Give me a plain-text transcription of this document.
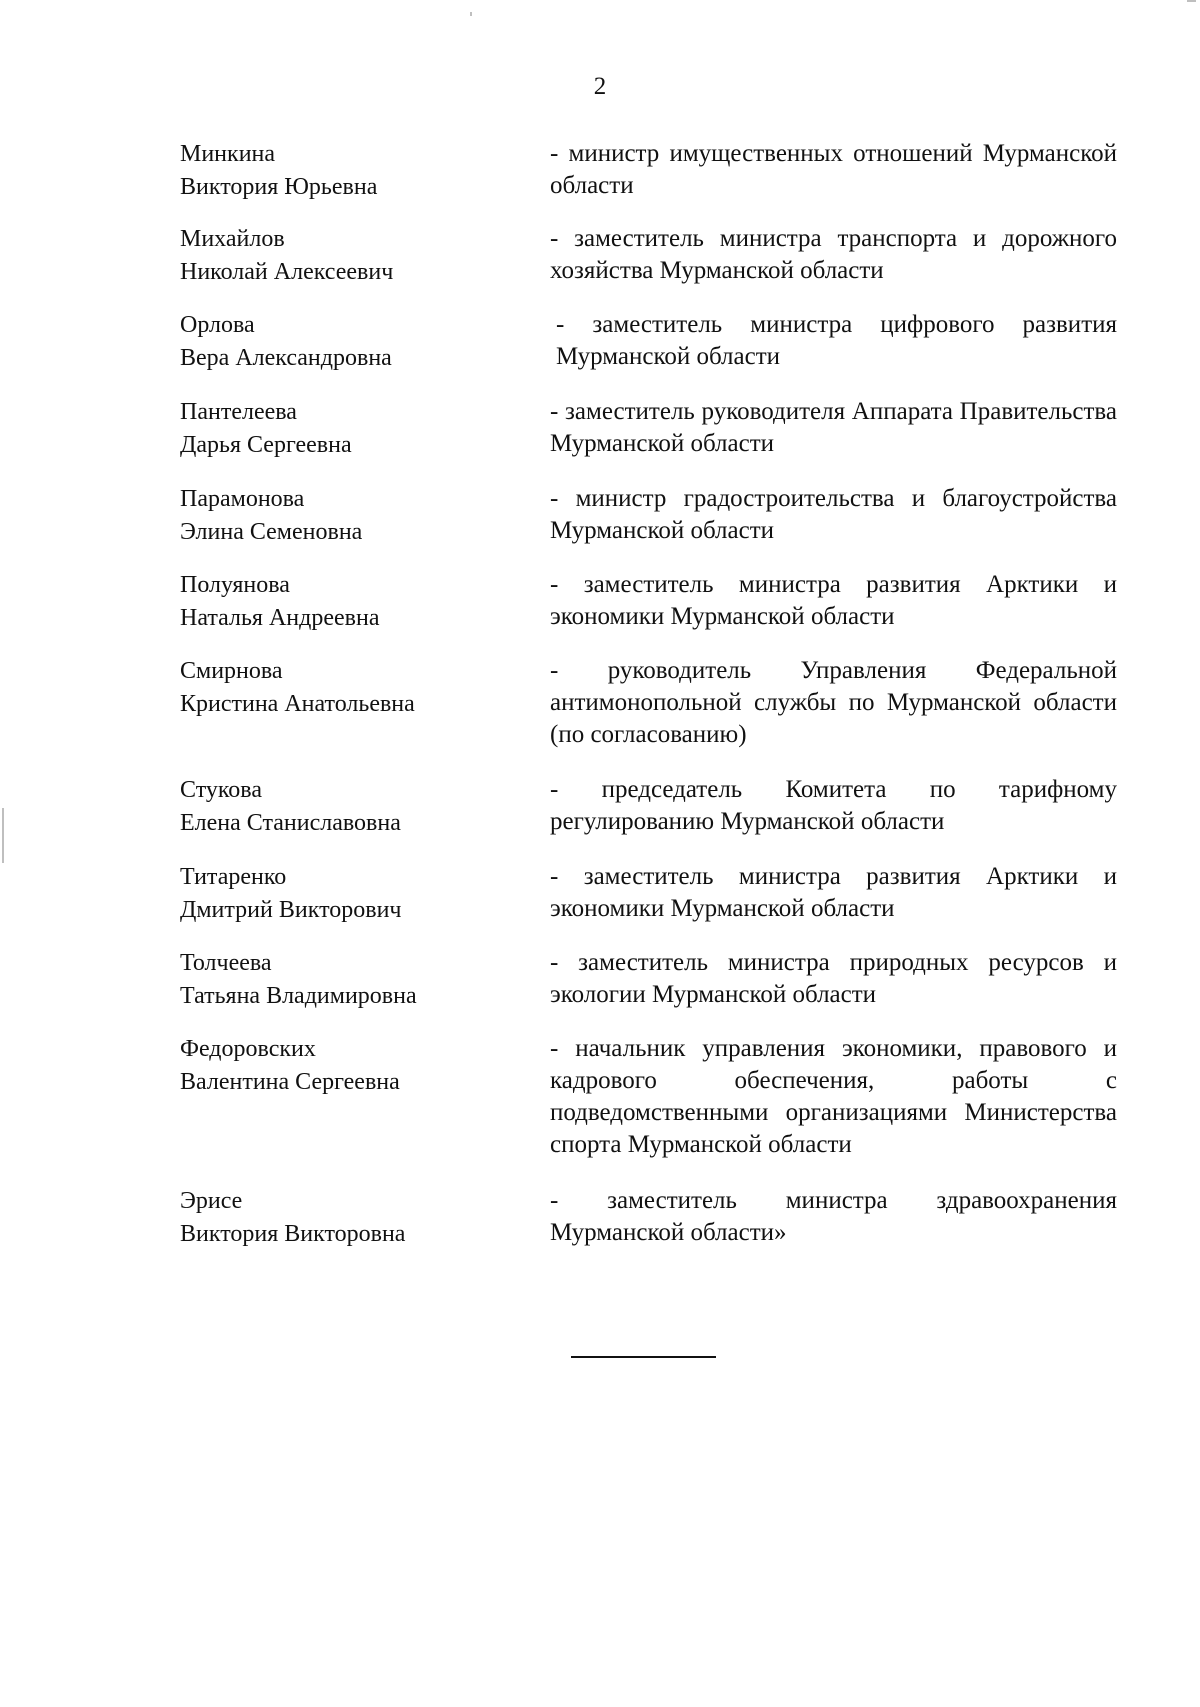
2
Минкина
Виктория Юрьевна
- министр имущественных отношений Мурманской области
Михайлов
Николай Алексеевич
- заместитель министра транспорта и дорожного хозяйства Мурманской области
Орлова
Вера Александровна
- заместитель министра цифрового развития Мурманской области
Пантелеева
Дарья Сергеевна
- заместитель руководителя Аппарата Правительства Мурманской области
Парамонова
Элина Семеновна
- министр градостроительства и благоустройства Мурманской области
Полуянова
Наталья Андреевна
- заместитель министра развития Арктики и экономики Мурманской области
Смирнова
Кристина Анатольевна
- руководитель Управления Федеральной антимонопольной службы по Мурманской области (по согласованию)
Стукова
Елена Станиславовна
- председатель Комитета по тарифному регулированию Мурманской области
Титаренко
Дмитрий Викторович
- заместитель министра развития Арктики и экономики Мурманской области
Толчеева
Татьяна Владимировна
- заместитель министра природных ресурсов и экологии Мурманской области
Федоровских
Валентина Сергеевна
- начальник управления экономики, правового и кадрового обеспечения, работы с подведомственными организациями Министерства спорта Мурманской области
Эрисе
Виктория Викторовна
- заместитель министра здравоохранения Мурманской области»
